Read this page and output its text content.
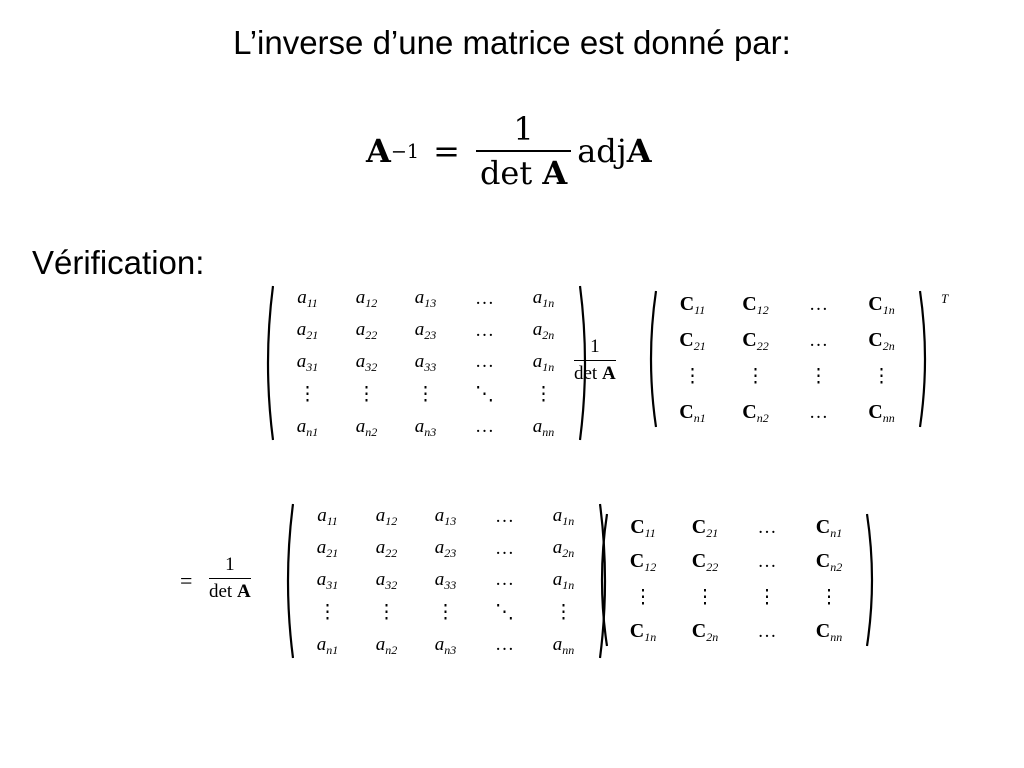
L’inverse d’une matrice est donné par:
$A -1 = \frac{1}{\text{det A}}$ adj A
Vérification:
$a_{11}$ $a_{12}$ $a_{13}$ … $a_{1n}$
$a_{21}$ $a_{22}$ $a_{23}$ … $a_{2n}$
$a_{31}$ $a_{32}$ $a_{33}$ … $a_{1n}$
⋮ ⋮ ⋮ ⋱ ⋮
$a_{n1}$ $a_{n2}$ $a_{n3}$ … $a_{nn}$
1
det A
$C_{11}$ $C_{12}$ … $C_{1n}$
$C_{21}$ $C_{22}$ … $C_{2n}$
⋮ ⋮ ⋮ ⋮
$C_{n1}$ $C_{n2}$ … $C_{nn}$
T
=
1
det A
$a_{11}$ $a_{12}$ $a_{13}$ … $a_{1n}$
$a_{21}$ $a_{22}$ $a_{23}$ … $a_{2n}$
$a_{31}$ $a_{32}$ $a_{33}$ … $a_{1n}$
⋮ ⋮ ⋮ ⋱ ⋮
$a_{n1}$ $a_{n2}$ $a_{n3}$ … $a_{nn}$
$C_{11}$ $C_{21}$ … $C_{n1}$
$C_{12}$ $C_{22}$ … $C_{n2}$
⋮ ⋮ ⋮ ⋮
$C_{1n}$ $C_{2n}$ … $C_{nn}$
